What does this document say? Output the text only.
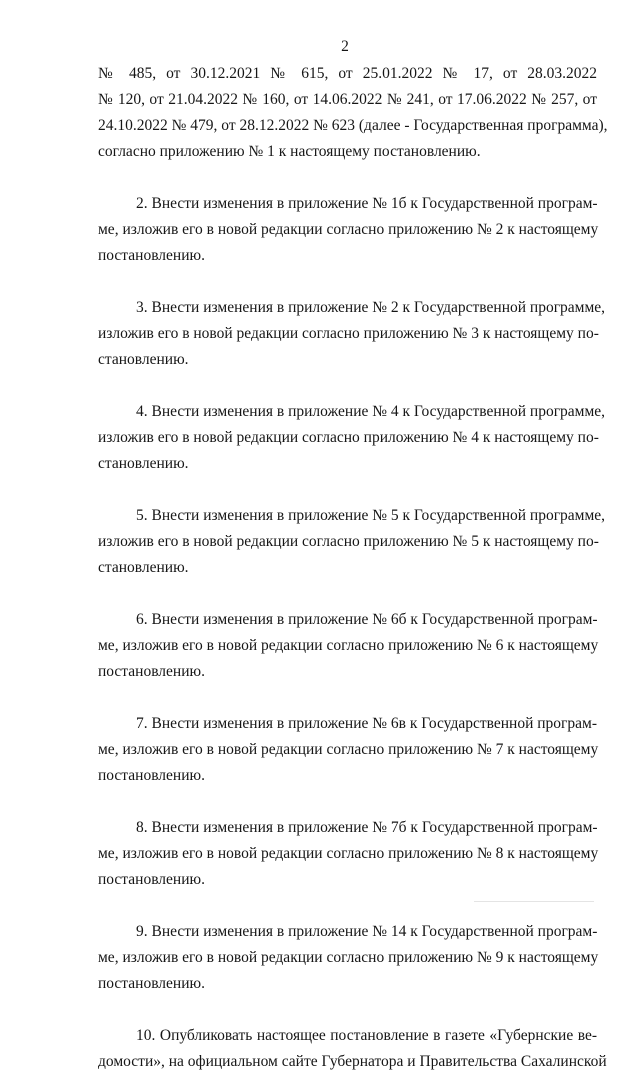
2
№ 485, от 30.12.2021 № 615, от 25.01.2022 № 17, от 28.03.2022
№ 120, от 21.04.2022 № 160, от 14.06.2022 № 241, от 17.06.2022 № 257, от
24.10.2022 № 479, от 28.12.2022 № 623 (далее - Государственная программа),
согласно приложению № 1 к настоящему постановлению.
2. Внести изменения в приложение № 1б к Государственной програм-
ме, изложив его в новой редакции согласно приложению № 2 к настоящему
постановлению.
3. Внести изменения в приложение № 2 к Государственной программе,
изложив его в новой редакции согласно приложению № 3 к настоящему по-
становлению.
4. Внести изменения в приложение № 4 к Государственной программе,
изложив его в новой редакции согласно приложению № 4 к настоящему по-
становлению.
5. Внести изменения в приложение № 5 к Государственной программе,
изложив его в новой редакции согласно приложению № 5 к настоящему по-
становлению.
6. Внести изменения в приложение № 6б к Государственной програм-
ме, изложив его в новой редакции согласно приложению № 6 к настоящему
постановлению.
7. Внести изменения в приложение № 6в к Государственной програм-
ме, изложив его в новой редакции согласно приложению № 7 к настоящему
постановлению.
8. Внести изменения в приложение № 7б к Государственной програм-
ме, изложив его в новой редакции согласно приложению № 8 к настоящему
постановлению.
9. Внести изменения в приложение № 14 к Государственной програм-
ме, изложив его в новой редакции согласно приложению № 9 к настоящему
постановлению.
10. Опубликовать настоящее постановление в газете «Губернские ве-
домости», на официальном сайте Губернатора и Правительства Сахалинской
